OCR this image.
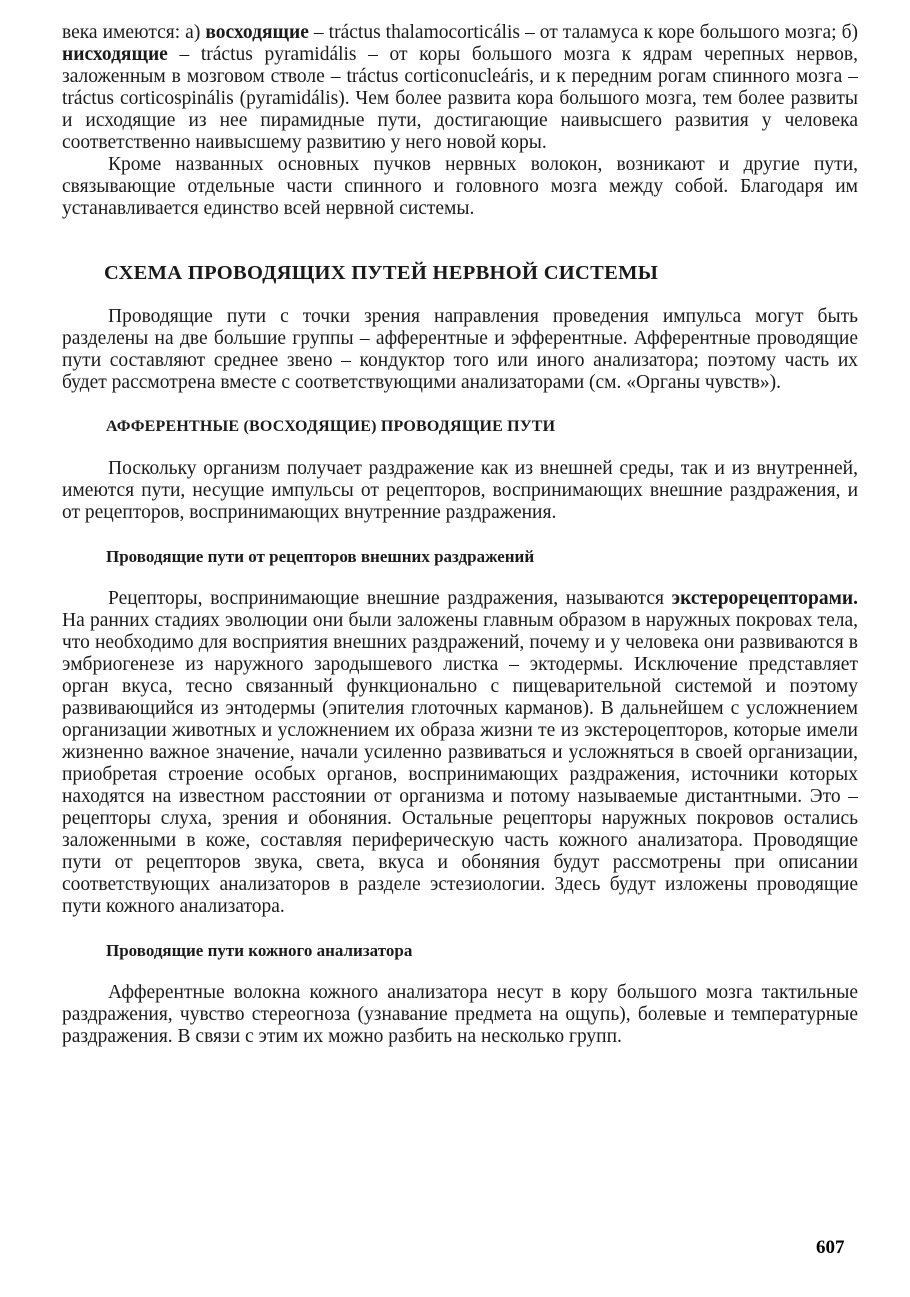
века имеются: а) восходящие – tráctus thalamocorticális – от таламуса к коре большого мозга; б) нисходящие – tráctus pyramidális – от коры большого мозга к ядрам черепных нервов, заложенным в мозговом стволе – tráctus corticonucleáris, и к передним рогам спинного мозга – tráctus corticospinális (pyramidális). Чем более развита кора большого мозга, тем более развиты и исходящие из нее пирамидные пути, достигающие наивысшего развития у человека соответственно наивысшему развитию у него новой коры.

Кроме названных основных пучков нервных волокон, возникают и другие пути, связывающие отдельные части спинного и головного мозга между собой. Благодаря им устанавливается единство всей нервной системы.

СХЕМА ПРОВОДЯЩИХ ПУТЕЙ НЕРВНОЙ СИСТЕМЫ

Проводящие пути с точки зрения направления проведения импульса могут быть разделены на две большие группы – афферентные и эфферентные. Афферентные проводящие пути составляют среднее звено – кондуктор того или иного анализатора; поэтому часть их будет рассмотрена вместе с соответствующими анализаторами (см. «Органы чувств»).

АФФЕРЕНТНЫЕ (ВОСХОДЯЩИЕ) ПРОВОДЯЩИЕ ПУТИ

Поскольку организм получает раздражение как из внешней среды, так и из внутренней, имеются пути, несущие импульсы от рецепторов, воспринимающих внешние раздражения, и от рецепторов, воспринимающих внутренние раздражения.

Проводящие пути от рецепторов внешних раздражений

Рецепторы, воспринимающие внешние раздражения, называются экстерорецепторами. На ранних стадиях эволюции они были заложены главным образом в наружных покровах тела, что необходимо для восприятия внешних раздражений, почему и у человека они развиваются в эмбриогенезе из наружного зародышевого листка – эктодермы. Исключение представляет орган вкуса, тесно связанный функционально с пищеварительной системой и поэтому развивающийся из энтодермы (эпителия глоточных карманов). В дальнейшем с усложнением организации животных и усложнением их образа жизни те из экстероцепторов, которые имели жизненно важное значение, начали усиленно развиваться и усложняться в своей организации, приобретая строение особых органов, воспринимающих раздражения, источники которых находятся на известном расстоянии от организма и потому называемые дистантными. Это – рецепторы слуха, зрения и обоняния. Остальные рецепторы наружных покровов остались заложенными в коже, составляя периферическую часть кожного анализатора. Проводящие пути от рецепторов звука, света, вкуса и обоняния будут рассмотрены при описании соответствующих анализаторов в разделе эстезиологии. Здесь будут изложены проводящие пути кожного анализатора.

Проводящие пути кожного анализатора

Афферентные волокна кожного анализатора несут в кору большого мозга тактильные раздражения, чувство стереогноза (узнавание предмета на ощупь), болевые и температурные раздражения. В связи с этим их можно разбить на несколько групп.

607
